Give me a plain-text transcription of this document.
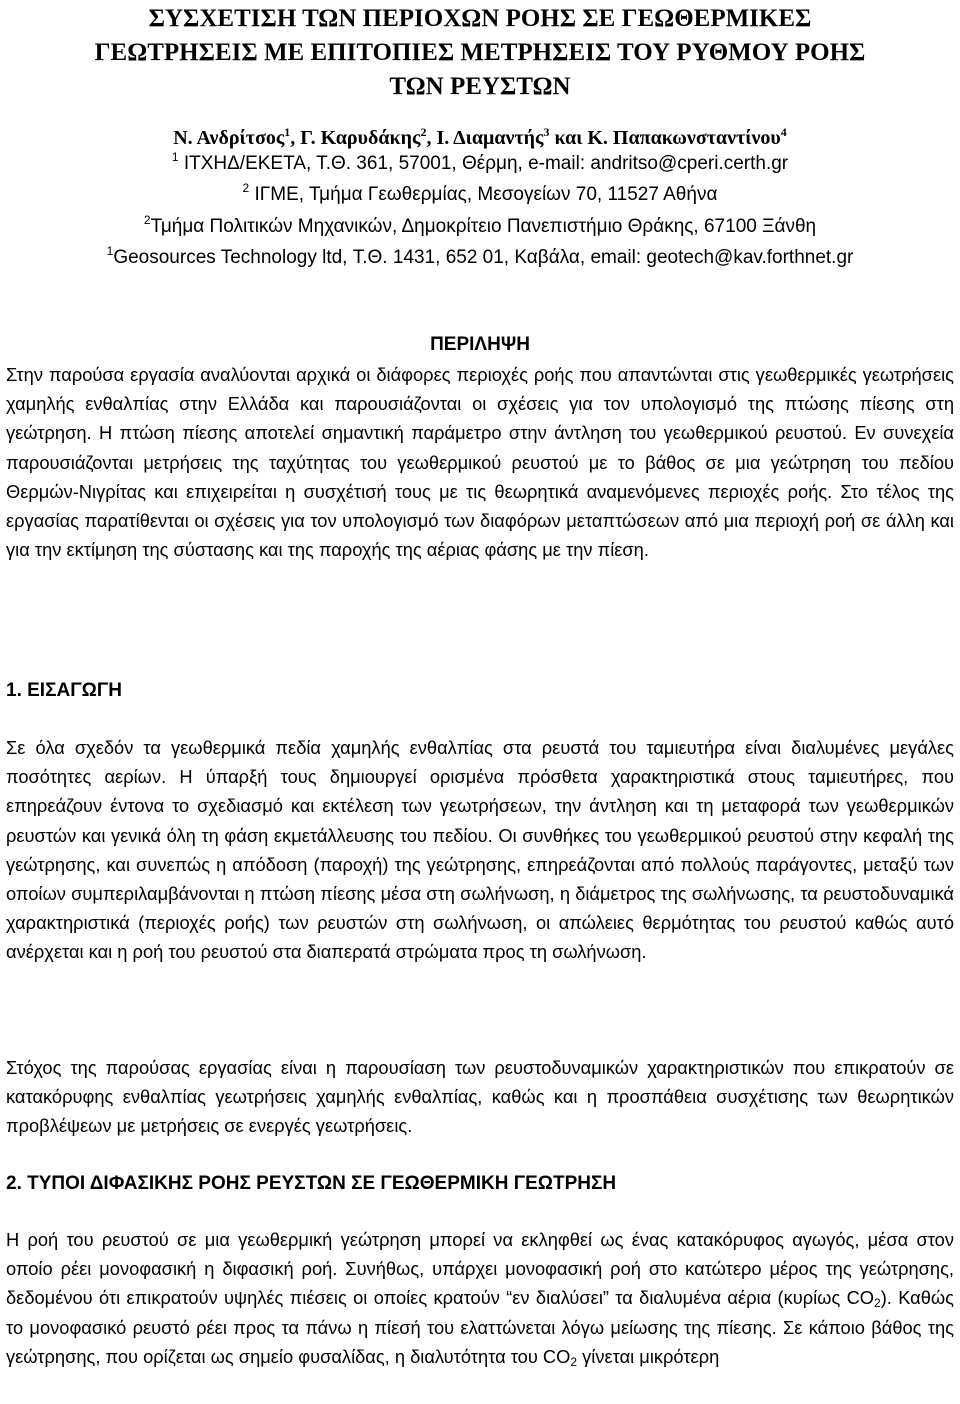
ΣΥΣΧΕΤΙΣΗ ΤΩΝ ΠΕΡΙΟΧΩΝ ΡΟΗΣ ΣΕ ΓΕΩΘΕΡΜΙΚΕΣ
ΓΕΩΤΡΗΣΕΙΣ ΜΕ ΕΠΙΤΟΠΙΕΣ ΜΕΤΡΗΣΕΙΣ ΤΟΥ ΡΥΘΜΟΥ ΡΟΗΣ
ΤΩΝ ΡΕΥΣΤΩΝ
Ν. Ανδρίτσος$^1$, Γ. Καρυδάκης$^2$, Ι. Διαμαντής$^3$ και Κ. Παπακωνσταντίνου$^4$
$^1$ ΙΤΧΗΔ/ΕΚΕΤΑ, Τ.Θ. 361, 57001, Θέρμη, e-mail: andritso@cperi.certh.gr
$^2$ ΙΓΜΕ, Τμήμα Γεωθερμίας, Μεσογείων 70, 11527 Αθήνα
$^2$Τμήμα Πολιτικών Μηχανικών, Δημοκρίτειο Πανεπιστήμιο Θράκης, 67100 Ξάνθη
$^1$Geosources Technology ltd, Τ.Θ. 1431, 652 01, Καβάλα, email: geotech@kav.forthnet.gr
ΠΕΡΙΛΗΨΗ

Στην παρούσα εργασία αναλύονται αρχικά οι διάφορες περιοχές ροής που απαντώνται στις γεωθερμικές γεωτρήσεις χαμηλής ενθαλπίας στην Ελλάδα και παρουσιάζονται οι σχέσεις για τον υπολογισμό της πτώσης πίεσης στη γεώτρηση. Η πτώση πίεσης αποτελεί σημαντική παράμετρο στην άντληση του γεωθερμικού ρευστού. Εν συνεχεία παρουσιάζονται μετρήσεις της ταχύτητας του γεωθερμικού ρευστού με το βάθος σε μια γεώτρηση του πεδίου Θερμών-Νιγρίτας και επιχειρείται η συσχέτισή τους με τις θεωρητικά αναμενόμενες περιοχές ροής. Στο τέλος της εργασίας παρατίθενται οι σχέσεις για τον υπολογισμό των διαφόρων μεταπτώσεων από μια περιοχή ροή σε άλλη και για την εκτίμηση της σύστασης και της παροχής της αέριας φάσης με την πίεση.

1. ΕΙΣΑΓΩΓΗ

Σε όλα σχεδόν τα γεωθερμικά πεδία χαμηλής ενθαλπίας στα ρευστά του ταμιευτήρα είναι διαλυμένες μεγάλες ποσότητες αερίων. Η ύπαρξή τους δημιουργεί ορισμένα πρόσθετα χαρακτηριστικά στους ταμιευτήρες, που επηρεάζουν έντονα το σχεδιασμό και εκτέλεση των γεωτρήσεων, την άντληση και τη μεταφορά των γεωθερμικών ρευστών και γενικά όλη τη φάση εκμετάλλευσης του πεδίου. Οι συνθήκες του γεωθερμικού ρευστού στην κεφαλή της γεώτρησης, και συνεπώς η απόδοση (παροχή) της γεώτρησης, επηρεάζονται από πολλούς παράγοντες, μεταξύ των οποίων συμπεριλαμβάνονται η πτώση πίεσης μέσα στη σωλήνωση, η διάμετρος της σωλήνωσης, τα ρευστοδυναμικά χαρακτηριστικά (περιοχές ροής) των ρευστών στη σωλήνωση, οι απώλειες θερμότητας του ρευστού καθώς αυτό ανέρχεται και η ροή του ρευστού στα διαπερατά στρώματα προς τη σωλήνωση.

Στόχος της παρούσας εργασίας είναι η παρουσίαση των ρευστοδυναμικών χαρακτηριστικών που επικρατούν σε κατακόρυφης ενθαλπίας γεωτρήσεις χαμηλής ενθαλπίας, καθώς και η προσπάθεια συσχέτισης των θεωρητικών προβλέψεων με μετρήσεις σε ενεργές γεωτρήσεις.

2. ΤΥΠΟΙ ΔΙΦΑΣΙΚΗΣ ΡΟΗΣ ΡΕΥΣΤΩΝ ΣΕ ΓΕΩΘΕΡΜΙΚΗ ΓΕΩΤΡΗΣΗ

Η ροή του ρευστού σε μια γεωθερμική γεώτρηση μπορεί να εκληφθεί ως ένας κατακόρυφος αγωγός, μέσα στον οποίο ρέει μονοφασική η διφασική ροή. Συνήθως, υπάρχει μονοφασική ροή στο κατώτερο μέρος της γεώτρησης, δεδομένου ότι επικρατούν υψηλές πιέσεις οι οποίες κρατούν “εν διαλύσει” τα διαλυμένα αέρια (κυρίως $CO_2$). Καθώς το μονοφασικό ρευστό ρέει προς τα πάνω η πίεσή του ελαττώνεται λόγω μείωσης της πίεσης. Σε κάποιο βάθος της γεώτρησης, που ορίζεται ως σημείο φυσαλίδας, η διαλυτότητα του $CO_2$ γίνεται μικρότερη
